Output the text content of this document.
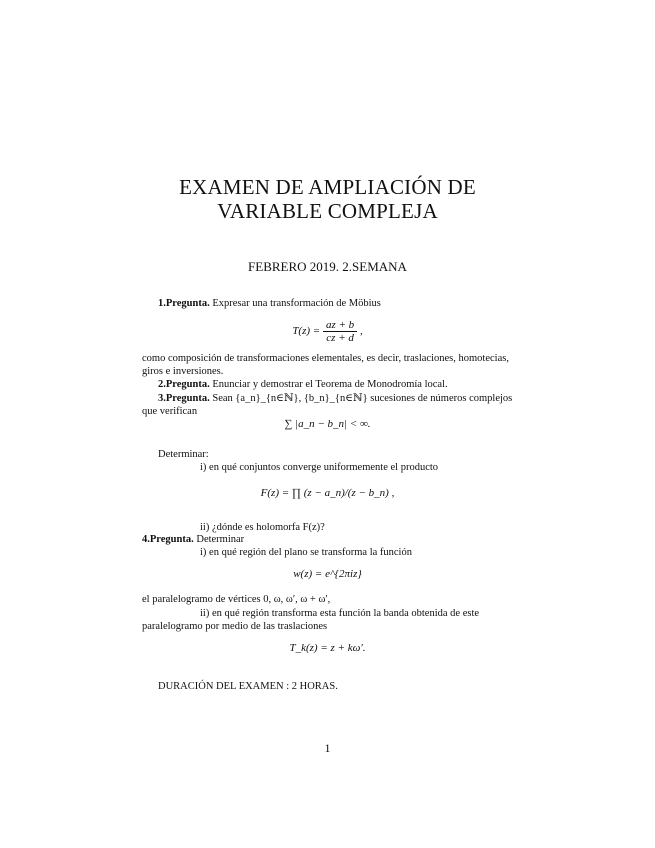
EXAMEN DE AMPLIACIÓN DE
VARIABLE COMPLEJA
FEBRERO 2019. 2.SEMANA
1.Pregunta. Expresar una transformación de Möbius
$T(z) = \frac{az + b}{cz + d}$ ,
como composición de transformaciones elementales, es decir, traslaciones, homotecias, giros e inversiones.
2.Pregunta. Enunciar y demostrar el Teorema de Monodromía local.
3.Pregunta. Sean {a_n}_{n∈ℕ}, {b_n}_{n∈ℕ} sucesiones de números complejos que verifican
∑ |a_n − b_n| < ∞.
Determinar:
i) en qué conjuntos converge uniformemente el producto
F(z) = ∏ (z − a_n)/(z − b_n) ,
ii) ¿dónde es holomorfa F(z)?
4.Pregunta. Determinar
i) en qué región del plano se transforma la función
w(z) = e^{2πiz}
el paralelogramo de vértices 0, ω, ω′, ω + ω′,
ii) en qué región transforma esta función la banda obtenida de este paralelogramo por medio de las traslaciones
T_k(z) = z + kω′.
DURACIÓN DEL EXAMEN : 2 HORAS.
1
